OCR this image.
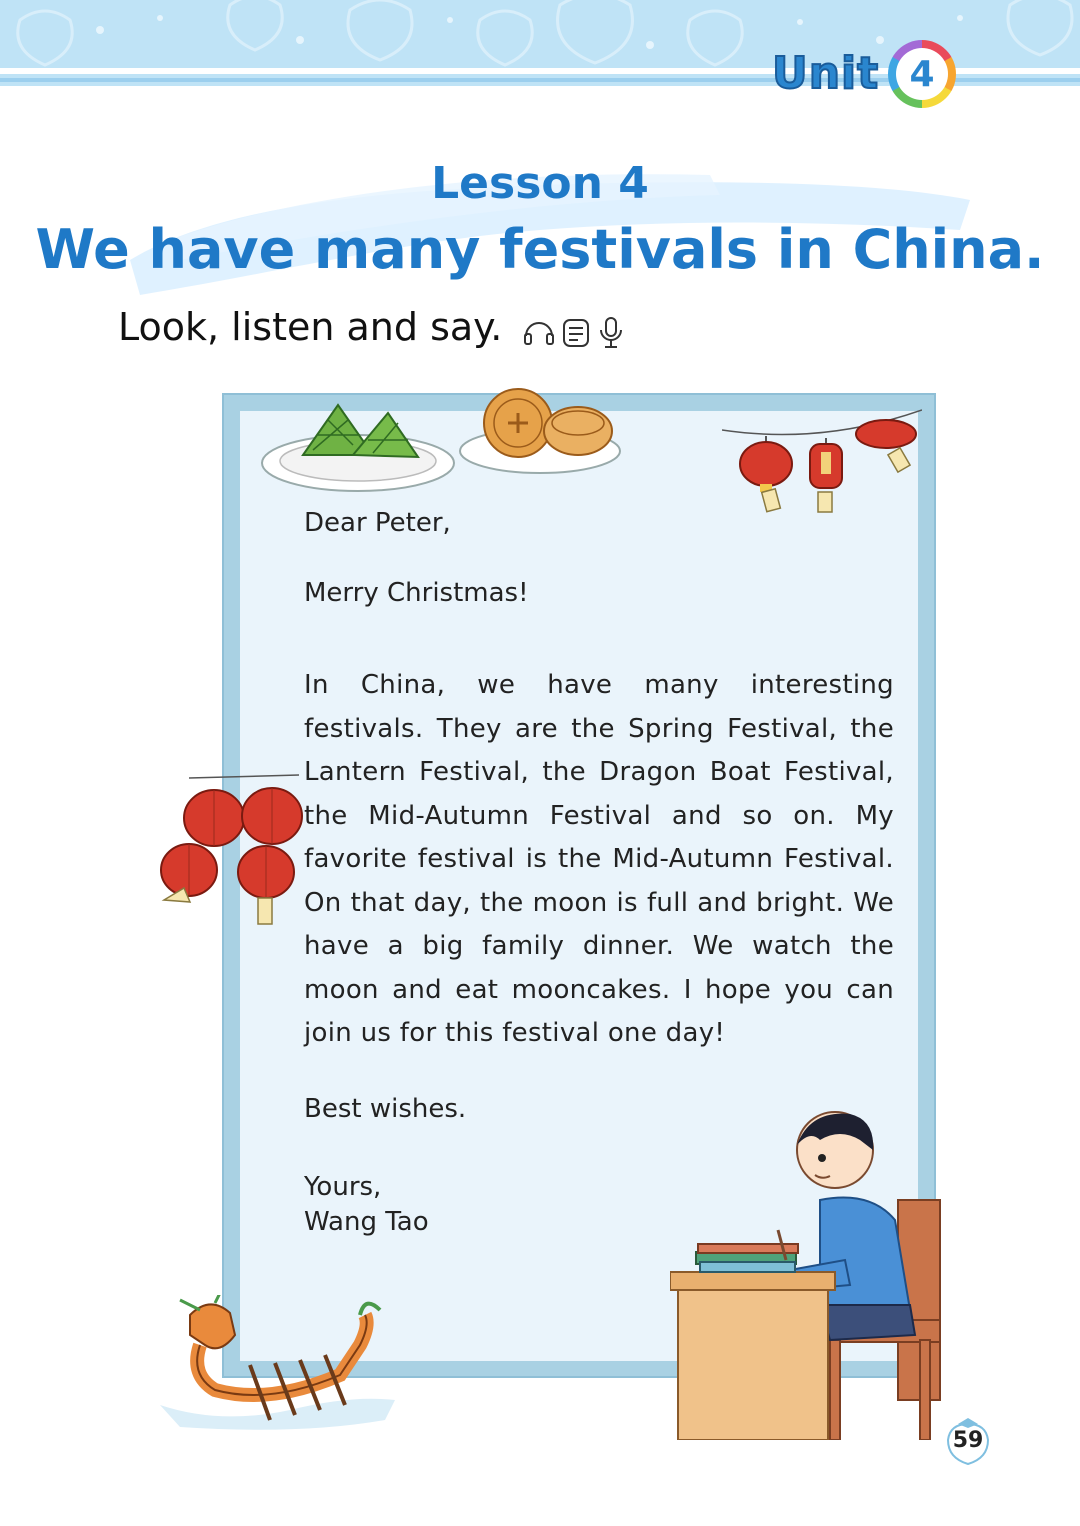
Unit 4
Lesson 4
We have many festivals in China.
Look, listen and say.
Dear Peter,
Merry Christmas!
In China, we have many interesting festivals. They are the Spring Festival, the Lantern Festival, the Dragon Boat Festival, the Mid-Autumn Festival and so on. My favorite festival is the Mid-Autumn Festival. On that day, the moon is full and bright. We have a big family dinner. We watch the moon and eat mooncakes. I hope you can join us for this festival one day!
Best wishes.
Yours,
Wang Tao
59
